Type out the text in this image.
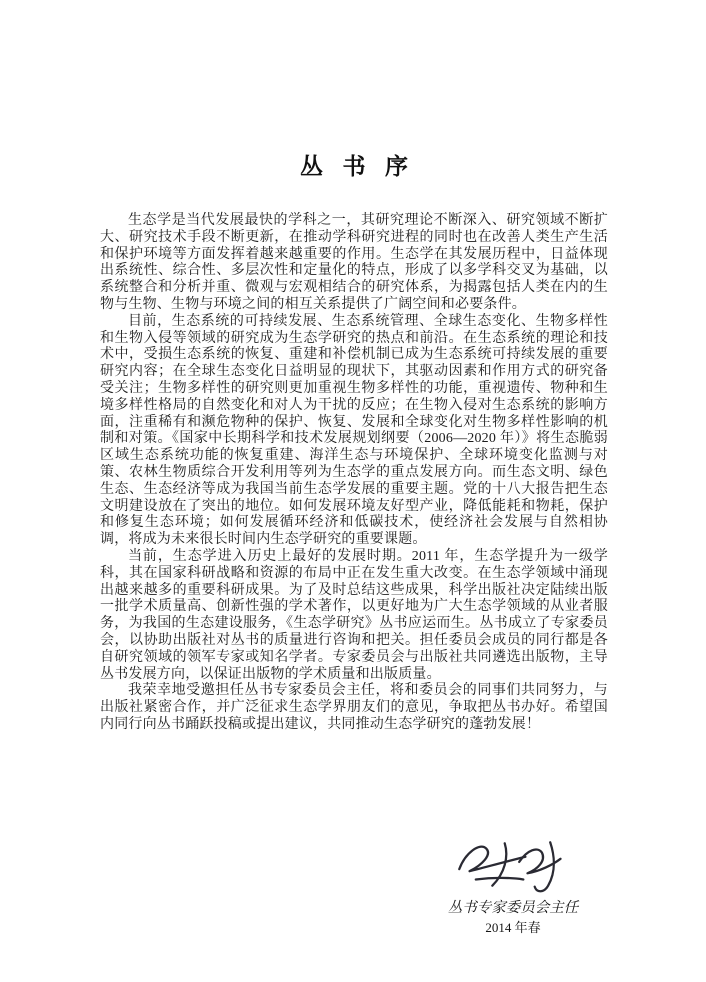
丛书序

生态学是当代发展最快的学科之一，其研究理论不断深入、研究领域不断扩大、研究技术手段不断更新，在推动学科研究进程的同时也在改善人类生产生活和保护环境等方面发挥着越来越重要的作用。生态学在其发展历程中，日益体现出系统性、综合性、多层次性和定量化的特点，形成了以多学科交叉为基础，以系统整合和分析并重、微观与宏观相结合的研究体系，为揭露包括人类在内的生物与生物、生物与环境之间的相互关系提供了广阔空间和必要条件。

目前，生态系统的可持续发展、生态系统管理、全球生态变化、生物多样性和生物入侵等领域的研究成为生态学研究的热点和前沿。在生态系统的理论和技术中，受损生态系统的恢复、重建和补偿机制已成为生态系统可持续发展的重要研究内容；在全球生态变化日益明显的现状下，其驱动因素和作用方式的研究备受关注；生物多样性的研究则更加重视生物多样性的功能，重视遗传、物种和生境多样性格局的自然变化和对人为干扰的反应；在生物入侵对生态系统的影响方面，注重稀有和濒危物种的保护、恢复、发展和全球变化对生物多样性影响的机制和对策。《国家中长期科学和技术发展规划纲要（2006—2020 年）》将生态脆弱区域生态系统功能的恢复重建、海洋生态与环境保护、全球环境变化监测与对策、农林生物质综合开发利用等列为生态学的重点发展方向。而生态文明、绿色生态、生态经济等成为我国当前生态学发展的重要主题。党的十八大报告把生态文明建设放在了突出的地位。如何发展环境友好型产业，降低能耗和物耗，保护和修复生态环境；如何发展循环经济和低碳技术，使经济社会发展与自然相协调，将成为未来很长时间内生态学研究的重要课题。

当前，生态学进入历史上最好的发展时期。2011 年，生态学提升为一级学科，其在国家科研战略和资源的布局中正在发生重大改变。在生态学领域中涌现出越来越多的重要科研成果。为了及时总结这些成果，科学出版社决定陆续出版一批学术质量高、创新性强的学术著作，以更好地为广大生态学领域的从业者服务，为我国的生态建设服务，《生态学研究》丛书应运而生。丛书成立了专家委员会，以协助出版社对丛书的质量进行咨询和把关。担任委员会成员的同行都是各自研究领域的领军专家或知名学者。专家委员会与出版社共同遴选出版物，主导丛书发展方向，以保证出版物的学术质量和出版质量。

我荣幸地受邀担任丛书专家委员会主任，将和委员会的同事们共同努力，与出版社紧密合作，并广泛征求生态学界朋友们的意见，争取把丛书办好。希望国内同行向丛书踊跃投稿或提出建议，共同推动生态学研究的蓬勃发展！

丛书专家委员会主任
2014 年春
